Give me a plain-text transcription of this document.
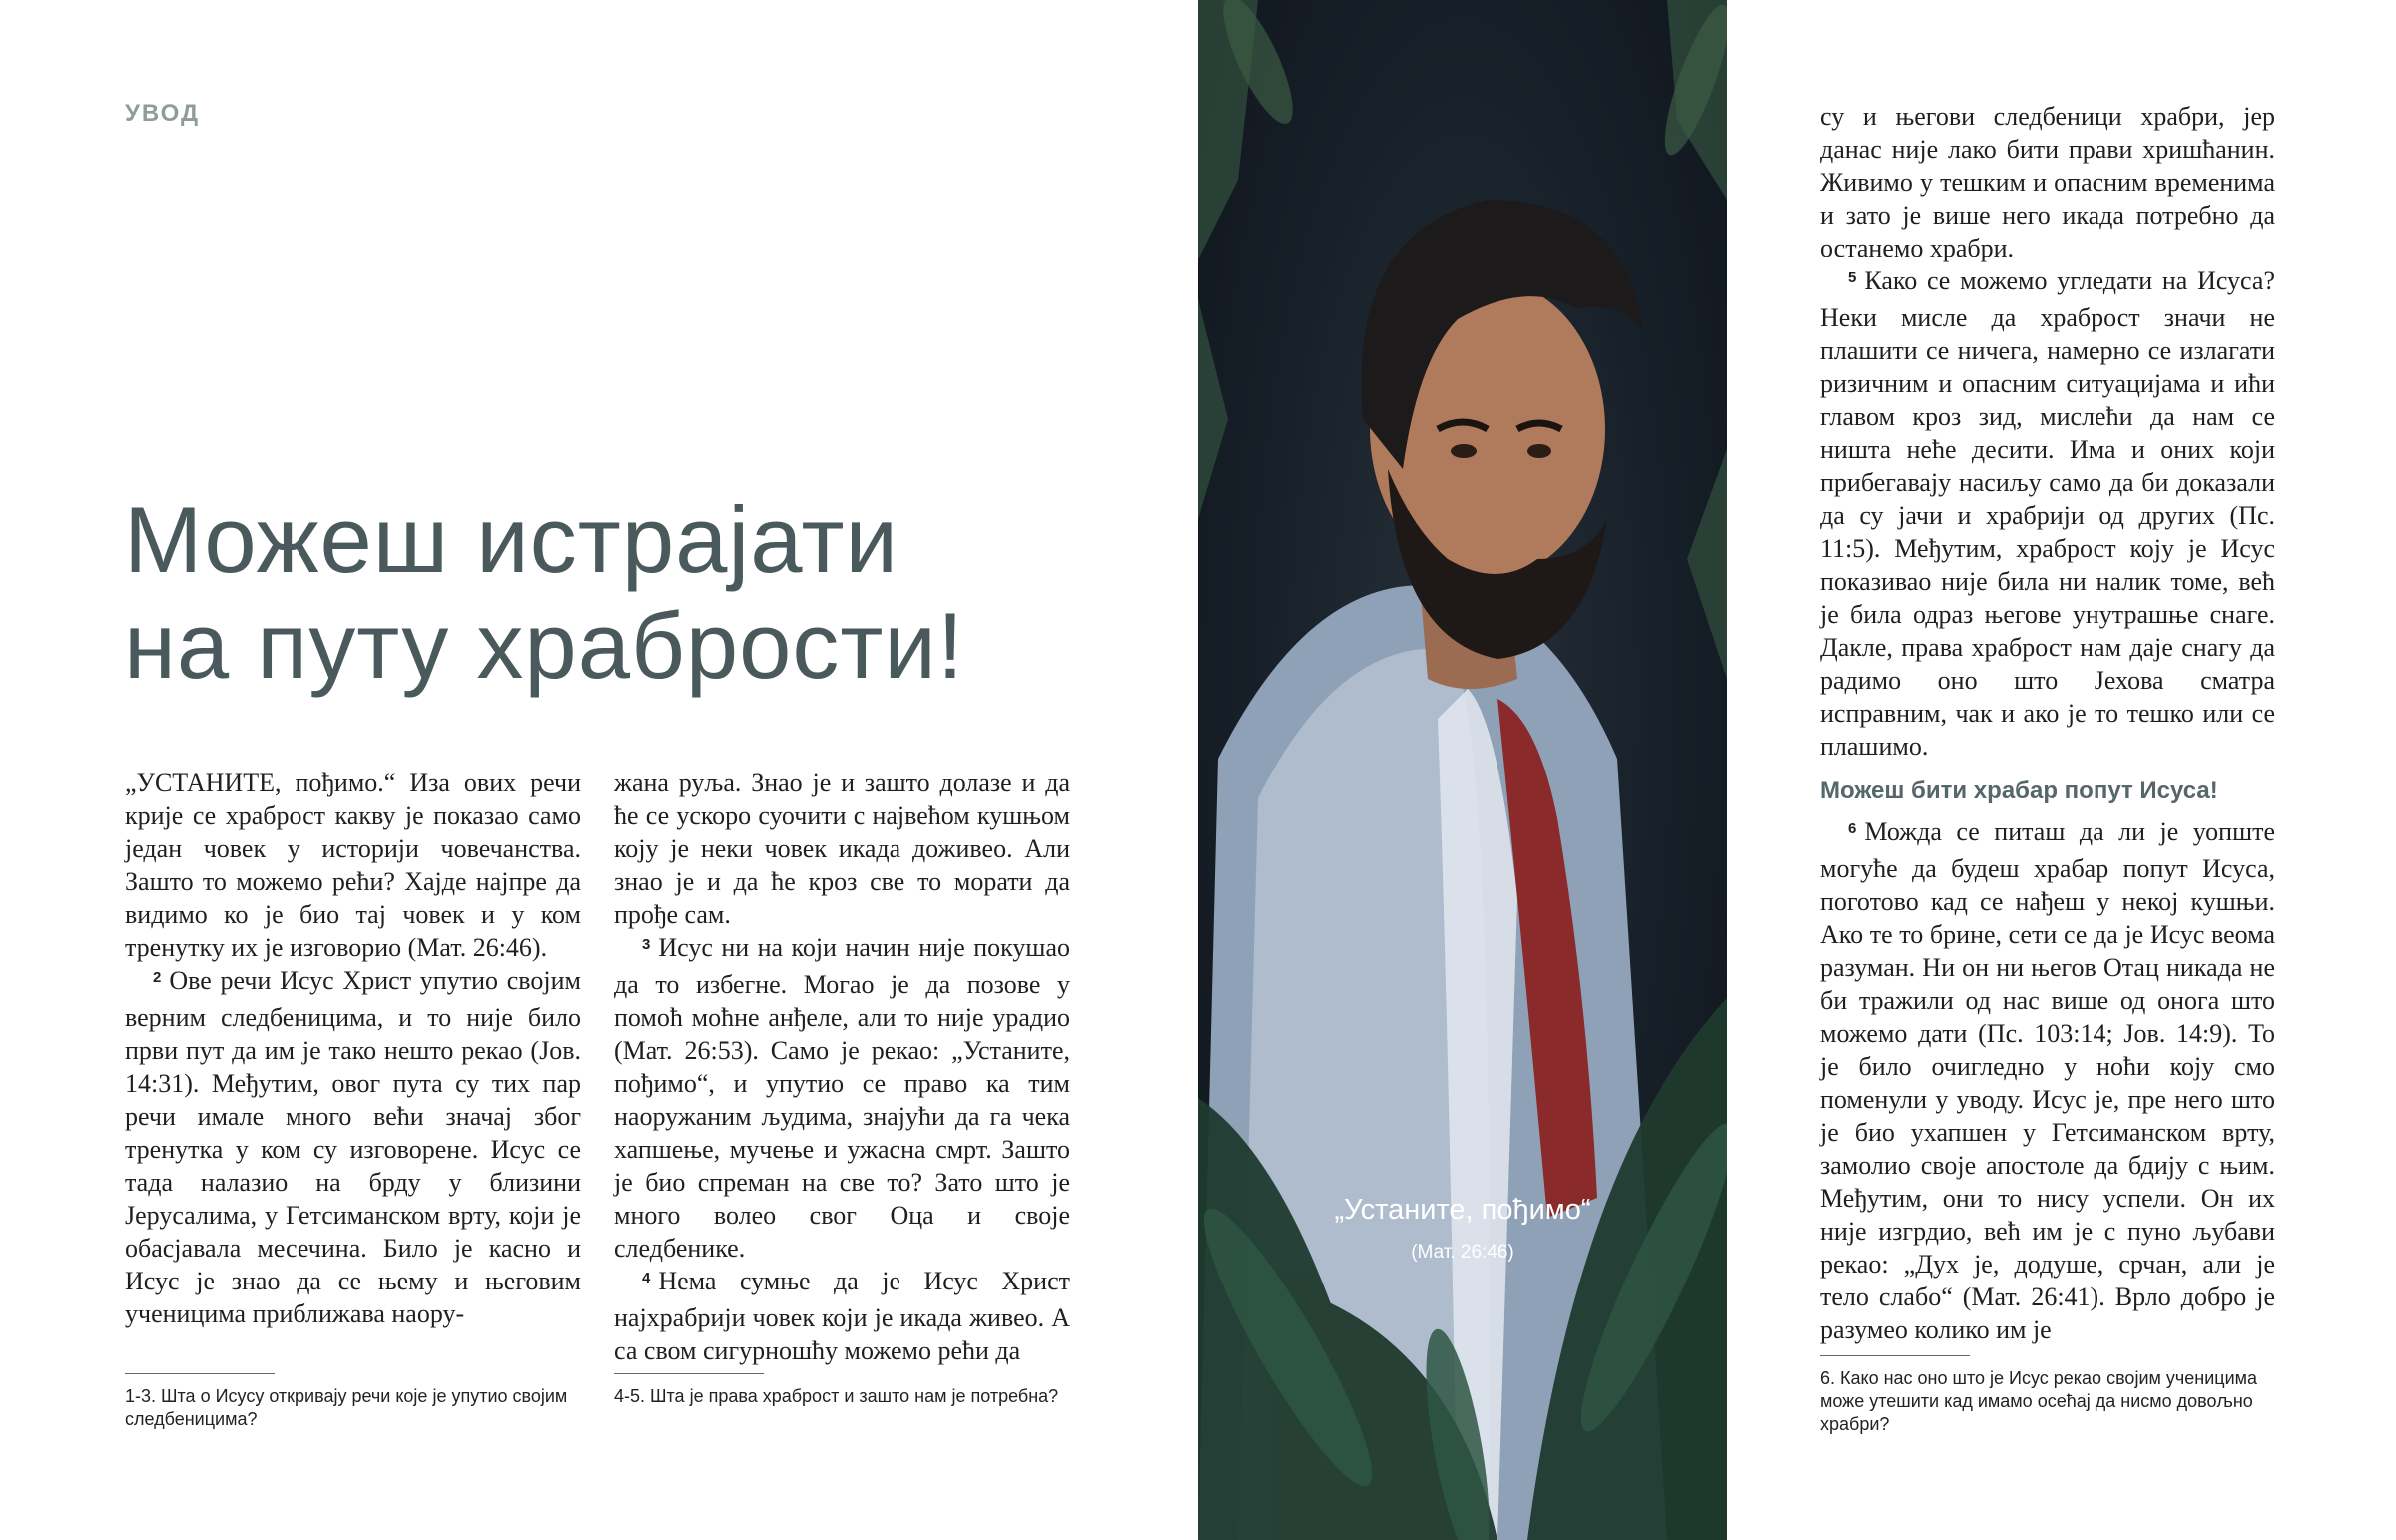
УВОД
Можеш истрајати
на путу храбрости!

„УСТАНИТЕ, пођимо.“ Иза ових речи крије се храброст какву је показао само један човек у историји човечанства. Зашто то можемо рећи? Хајде најпре да видимо ко је био тај човек и у ком тренутку их је изговорио (Мат. 26:46).

$^2$ Ове речи Исус Христ упутио својим верним следбеницима, и то није било први пут да им је тако нешто рекао (Јов. 14:31). Међутим, овог пута су тих пар речи имале много већи значај због тренутка у ком су изговорене. Исус се тада налазио на брду у близини Јерусалима, у Гетсиманском врту, који је обасјавала месечина. Било је касно и Исус је знао да се њему и његовим ученицима приближава наору-

жана руља. Знао је и зашто долазе и да ће се ускоро суочити с највећом кушњом коју је неки човек икада доживео. Али знао је и да ће кроз све то морати да прође сам.

$^3$ Исус ни на који начин није покушао да то избегне. Могао је да позове у помоћ моћне анђеле, али то није урадио (Мат. 26:53). Само је рекао: „Устаните, пођимо“, и упутио се право ка тим наоружаним људима, знајући да га чека хапшење, мучење и ужасна смрт. Зашто је био спреман на све то? Зато што је много волео свог Оца и своје следбенике.

$^4$ Нема сумње да је Исус Христ најхрабрији човек који је икада живео. А са свом сигурношћу можемо рећи да

1-3. Шта о Исусу откривају речи које је упутио својим следбеницима?
4-5. Шта је права храброст и зашто нам је потребна?
„Устаните, пођимо“
(Мат. 26:46)

су и његови следбеници храбри, јер данас није лако бити прави хришћанин. Живимо у тешким и опасним временима и зато је више него икада потребно да останемо храбри.

$^5$ Како се можемо угледати на Исуса? Неки мисле да храброст значи не плашити се ничега, намерно се излагати ризичним и опасним ситуацијама и ићи главом кроз зид, мислећи да нам се ништа неће десити. Има и оних који прибегавају насиљу само да би доказали да су јачи и храбрији од других (Пс. 11:5). Међутим, храброст коју је Исус показивао није била ни налик томе, већ је била одраз његове унутрашње снаге. Дакле, права храброст нам даје снагу да радимо оно што Јехова сматра исправним, чак и ако је то тешко или се плашимо.

Можеш бити храбар попут Исуса!

$^6$ Можда се питаш да ли је уопште могуће да будеш храбар попут Исуса, поготово кад се нађеш у некој кушњи. Ако те то брине, сети се да је Исус веома разуман. Ни он ни његов Отац никада не би тражили од нас више од онога што можемо дати (Пс. 103:14; Јов. 14:9). То је било очигледно у ноћи коју смо поменули у уводу. Исус је, пре него што је био ухапшен у Гетсиманском врту, замолио своје апостоле да бдију с њим. Међутим, они то нису успели. Он их није изгрдио, већ им је с пуно љубави рекао: „Дух је, додуше, срчан, али је тело слабо“ (Мат. 26:41). Врло добро је разумео колико им је

6. Како нас оно што је Исус рекао својим ученицима може утешити кад имамо осећај да нисмо довољно храбри?
